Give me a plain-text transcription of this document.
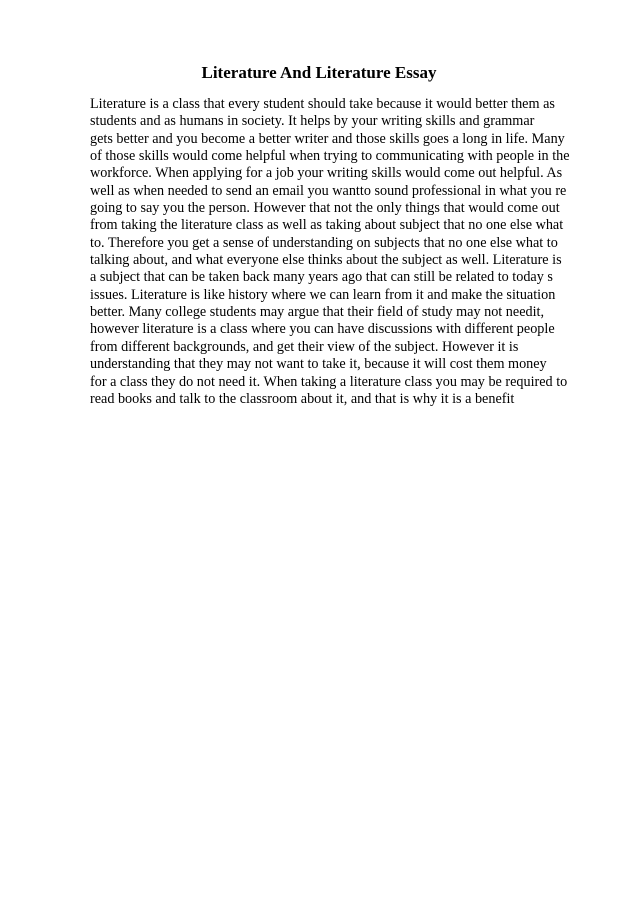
Literature And Literature Essay
Literature is a class that every student should take because it would better them as
students and as humans in society. It helps by your writing skills and grammar
gets better and you become a better writer and those skills goes a long in life. Many
of those skills would come helpful when trying to communicating with people in the
workforce. When applying for a job your writing skills would come out helpful. As
well as when needed to send an email you wantto sound professional in what you re
going to say you the person. However that not the only things that would come out
from taking the literature class as well as taking about subject that no one else what
to. Therefore you get a sense of understanding on subjects that no one else what to
talking about, and what everyone else thinks about the subject as well. Literature is
a subject that can be taken back many years ago that can still be related to today s
issues. Literature is like history where we can learn from it and make the situation
better. Many college students may argue that their field of study may not needit,
however literature is a class where you can have discussions with different people
from different backgrounds, and get their view of the subject. However it is
understanding that they may not want to take it, because it will cost them money
for a class they do not need it. When taking a literature class you may be required to
read books and talk to the classroom about it, and that is why it is a benefit
